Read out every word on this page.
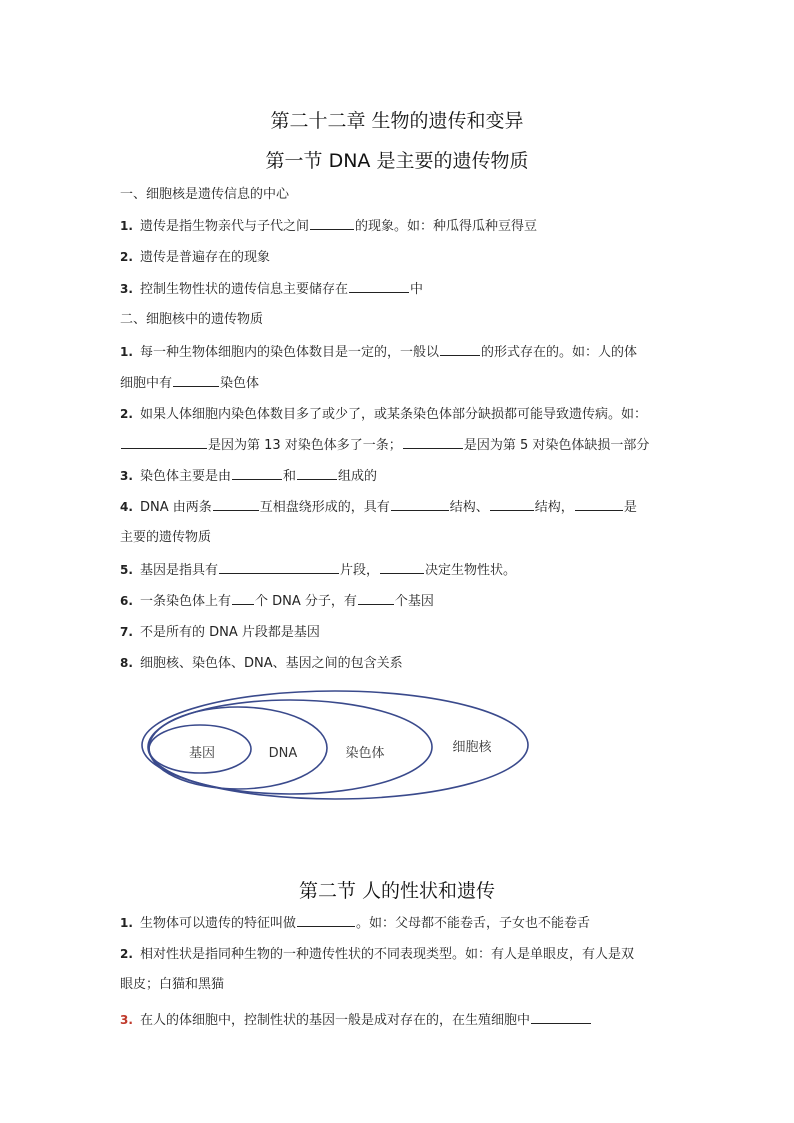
第二十二章 生物的遗传和变异
第一节 DNA 是主要的遗传物质
一、细胞核是遗传信息的中心
1. 遗传是指生物亲代与子代之间	的现象。如：种瓜得瓜种豆得豆
2. 遗传是普遍存在的现象
3. 控制生物性状的遗传信息主要储存在	中
二、细胞核中的遗传物质
1. 每一种生物体细胞内的染色体数目是一定的，一般以	的形式存在的。如：人的体
细胞中有	染色体
2. 如果人体细胞内染色体数目多了或少了，或某条染色体部分缺损都可能导致遗传病。如：
是因为第 13 对染色体多了一条；	是因为第 5 对染色体缺损一部分
3. 染色体主要是由	和	组成的
4. DNA 由两条	互相盘绕形成的，具有	结构、	结构，	是
主要的遗传物质
5. 基因是指具有	片段，	决定生物性状。
6. 一条染色体上有 个 DNA 分子，有	个基因
7. 不是所有的 DNA 片段都是基因
8. 细胞核、染色体、DNA、基因之间的包含关系
基因	DNA	染色体	细胞核
第二节 人的性状和遗传
1. 生物体可以遗传的特征叫做	。如：父母都不能卷舌，子女也不能卷舌
2. 相对性状是指同种生物的一种遗传性状的不同表现类型。如：有人是单眼皮，有人是双
眼皮；白猫和黑猫
3. 在人的体细胞中，控制性状的基因一般是成对存在的，在生殖细胞中
